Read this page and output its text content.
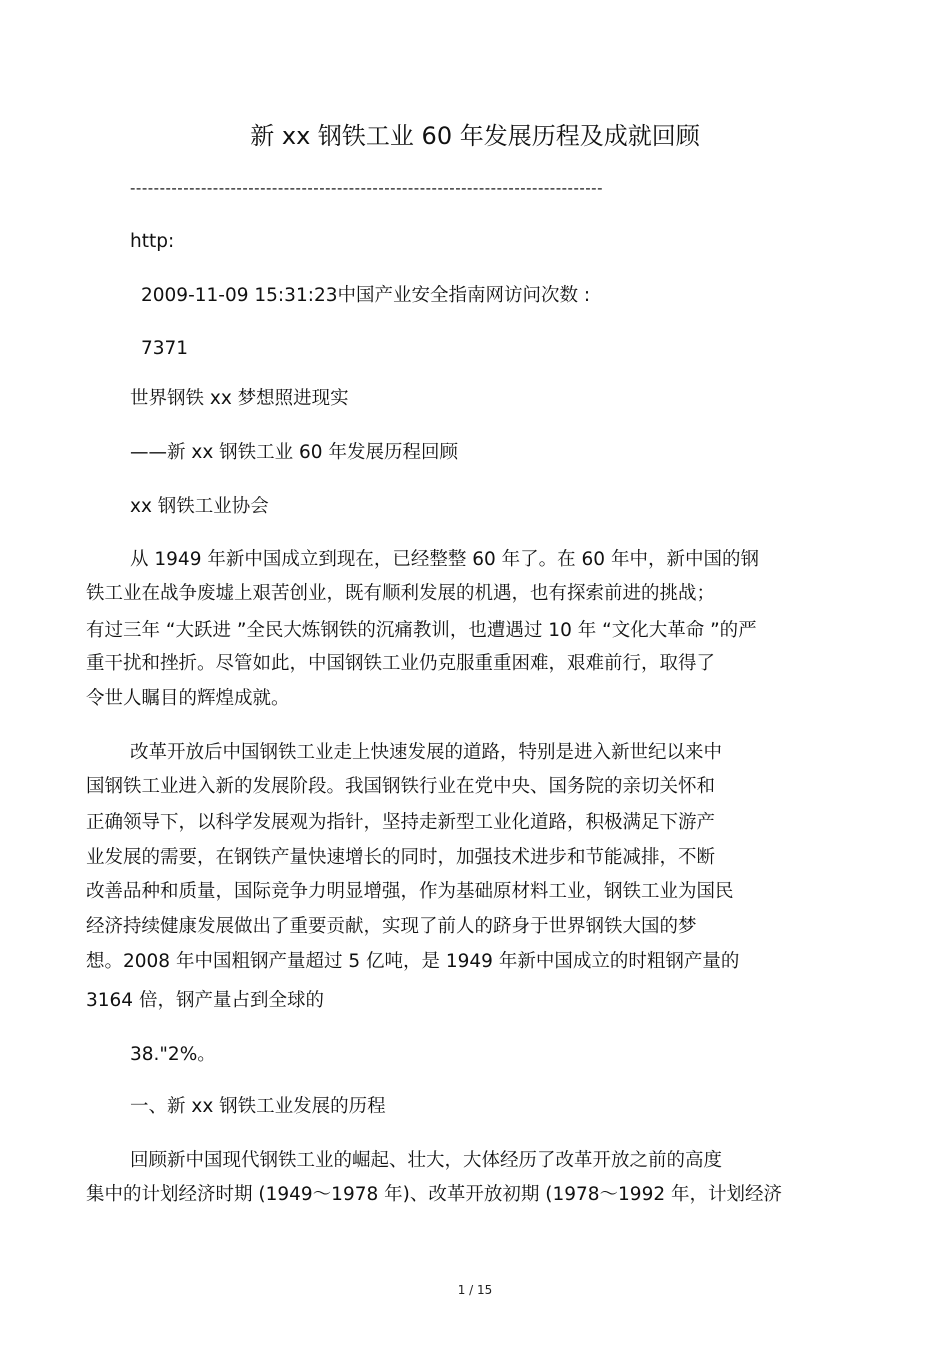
新 xx 钢铁工业 60 年发展历程及成就回顾
--------------------------------------------------------------------------------
http:
2009-11-09 15:31:23中国产业安全指南网访问次数 :
7371
世界钢铁 xx 梦想照进现实
——新 xx 钢铁工业 60 年发展历程回顾
xx 钢铁工业协会
从 1949 年新中国成立到现在，已经整整 60 年了。在 60 年中，新中国的钢
铁工业在战争废墟上艰苦创业，既有顺利发展的机遇，也有探索前进的挑战；
有过三年 “大跃进 ”全民大炼钢铁的沉痛教训，也遭遇过 10 年 “文化大革命 ”的严
重干扰和挫折。尽管如此，中国钢铁工业仍克服重重困难，艰难前行，取得了
令世人瞩目的辉煌成就。
改革开放后中国钢铁工业走上快速发展的道路，特别是进入新世纪以来中
国钢铁工业进入新的发展阶段。我国钢铁行业在党中央、国务院的亲切关怀和
正确领导下，以科学发展观为指针，坚持走新型工业化道路，积极满足下游产
业发展的需要，在钢铁产量快速增长的同时，加强技术进步和节能减排，不断
改善品种和质量，国际竞争力明显增强，作为基础原材料工业，钢铁工业为国民
经济持续健康发展做出了重要贡献，实现了前人的跻身于世界钢铁大国的梦
想。2008 年中国粗钢产量超过 5 亿吨，是 1949 年新中国成立的时粗钢产量的
3164 倍，钢产量占到全球的
38."2%。
一、新 xx 钢铁工业发展的历程
回顾新中国现代钢铁工业的崛起、壮大，大体经历了改革开放之前的高度
集中的计划经济时期 (1949～1978 年)、改革开放初期 (1978～1992 年，计划经济
1 / 15
